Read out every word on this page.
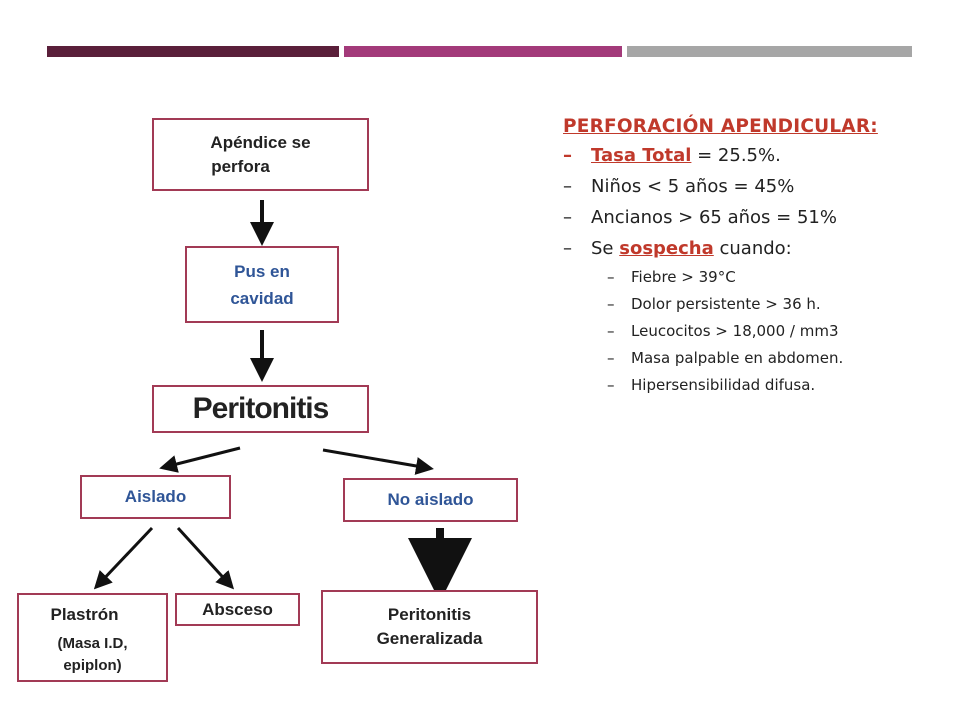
Apéndice se
perfora
Pus en
cavidad
Peritonitis
Aislado	No aislado
Plastrón
(Masa I.D,
epiplon)
Absceso	Peritonitis
Generalizada
PERFORACIÓN APENDICULAR:
– Tasa Total = 25.5%.
– Niños < 5 años = 45%
– Ancianos > 65 años = 51%
– Se sospecha cuando:
– Fiebre > 39°C
– Dolor persistente > 36 h.
– Leucocitos > 18,000 / mm3
– Masa palpable en abdomen.
– Hipersensibilidad difusa.
